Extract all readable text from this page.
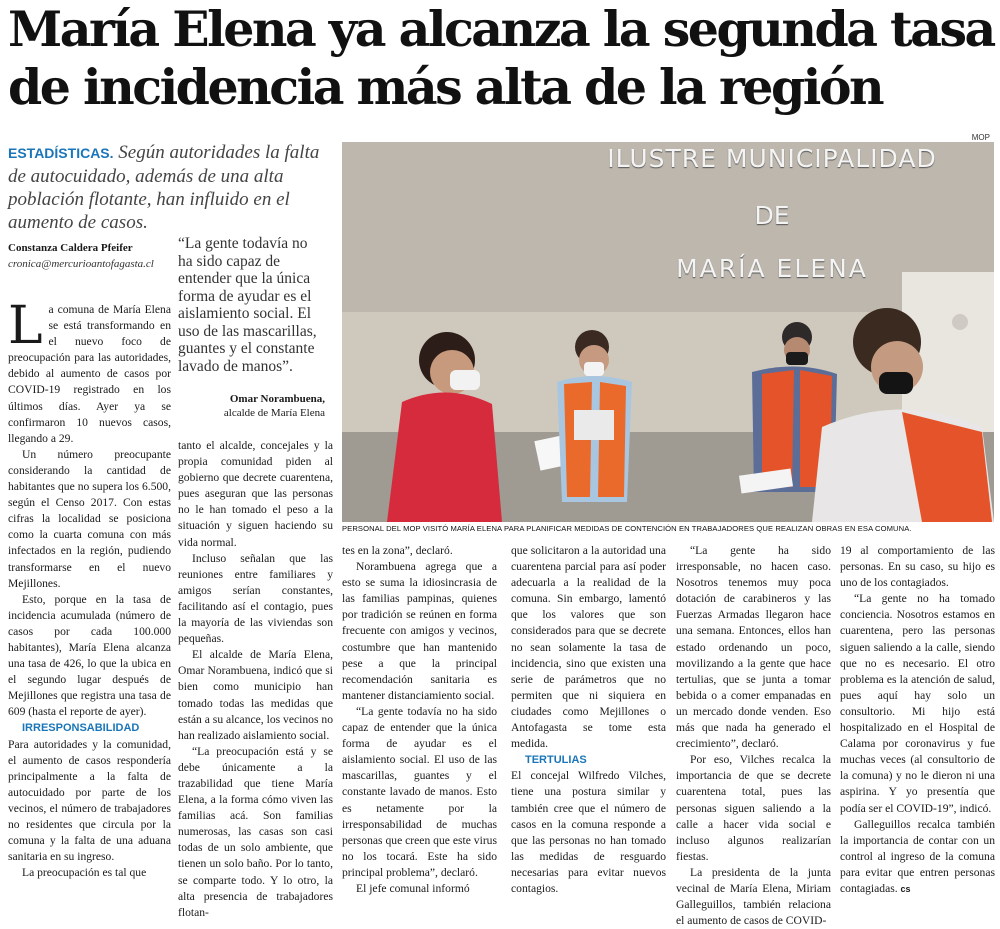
María Elena ya alcanza la segunda tasa
de incidencia más alta de la región
MOP
ESTADÍSTICAS. Según autoridades la falta de autocuidado, además de una alta población flotante, han influido en el aumento de casos.
Constanza Caldera Pfeifer
cronica@mercurioantofagasta.cl
“La gente todavía no ha sido capaz de entender que la única forma de ayudar es el aislamiento social. El uso de las mascarillas, guantes y el constante lavado de manos”.
Omar Norambuena,
alcalde de María Elena
ILUSTRE MUNICIPALIDAD
DE
MARÍA ELENA
PERSONAL DEL MOP VISITÓ MARÍA ELENA PARA PLANIFICAR MEDIDAS DE CONTENCIÓN EN TRABAJADORES QUE REALIZAN OBRAS EN ESA COMUNA.

La comuna de María Elena se está transformando en el nuevo foco de preocupación para las autoridades, debido al aumento de casos por COVID-19 registrado en los últimos días. Ayer ya se confirmaron 10 nuevos casos, llegando a 29.

Un número preocupante considerando la cantidad de habitantes que no supera los 6.500, según el Censo 2017. Con estas cifras la localidad se posiciona como la cuarta comuna con más infectados en la región, pudiendo transformarse en el nuevo Mejillones.

Esto, porque en la tasa de incidencia acumulada (número de casos por cada 100.000 habitantes), María Elena alcanza una tasa de 426, lo que la ubica en el segundo lugar después de Mejillones que registra una tasa de 609 (hasta el reporte de ayer).

IRRESPONSABILIDAD

Para autoridades y la comunidad, el aumento de casos respondería principalmente a la falta de autocuidado por parte de los vecinos, el número de trabajadores no residentes que circula por la comuna y la falta de una aduana sanitaria en su ingreso.

La preocupación es tal que

tanto el alcalde, concejales y la propia comunidad piden al gobierno que decrete cuarentena, pues aseguran que las personas no le han tomado el peso a la situación y siguen haciendo su vida normal.

Incluso señalan que las reuniones entre familiares y amigos serían constantes, facilitando así el contagio, pues la mayoría de las viviendas son pequeñas.

El alcalde de María Elena, Omar Norambuena, indicó que si bien como municipio han tomado todas las medidas que están a su alcance, los vecinos no han realizado aislamiento social.

“La preocupación está y se debe únicamente a la trazabilidad que tiene María Elena, a la forma cómo viven las familias acá. Son familias numerosas, las casas son casi todas de un solo ambiente, que tienen un solo baño. Por lo tanto, se comparte todo. Y lo otro, la alta presencia de trabajadores flotan-

tes en la zona”, declaró.

Norambuena agrega que a esto se suma la idiosincrasia de las familias pampinas, quienes por tradición se reúnen en forma frecuente con amigos y vecinos, costumbre que han mantenido pese a que la principal recomendación sanitaria es mantener distanciamiento social.

“La gente todavía no ha sido capaz de entender que la única forma de ayudar es el aislamiento social. El uso de las mascarillas, guantes y el constante lavado de manos. Esto es netamente por la irresponsabilidad de muchas personas que creen que este virus no los tocará. Este ha sido principal problema”, declaró.

El jefe comunal informó

que solicitaron a la autoridad una cuarentena parcial para así poder adecuarla a la realidad de la comuna. Sin embargo, lamentó que los valores que son considerados para que se decrete no sean solamente la tasa de incidencia, sino que existen una serie de parámetros que no permiten que ni siquiera en ciudades como Mejillones o Antofagasta se tome esta medida.

TERTULIAS

El concejal Wilfredo Vilches, tiene una postura similar y también cree que el número de casos en la comuna responde a que las personas no han tomado las medidas de resguardo necesarias para evitar nuevos contagios.

“La gente ha sido irresponsable, no hacen caso. Nosotros tenemos muy poca dotación de carabineros y las Fuerzas Armadas llegaron hace una semana. Entonces, ellos han estado ordenando un poco, movilizando a la gente que hace tertulias, que se junta a tomar bebida o a comer empanadas en un mercado donde venden. Eso más que nada ha generado el crecimiento”, declaró.

Por eso, Vilches recalca la importancia de que se decrete cuarentena total, pues las personas siguen saliendo a la calle a hacer vida social e incluso algunos realizarían fiestas.

La presidenta de la junta vecinal de María Elena, Miriam Galleguillos, también relaciona el aumento de casos de COVID-

19 al comportamiento de las personas. En su caso, su hijo es uno de los contagiados.

“La gente no ha tomado conciencia. Nosotros estamos en cuarentena, pero las personas siguen saliendo a la calle, siendo que no es necesario. El otro problema es la atención de salud, pues aquí hay solo un consultorio. Mi hijo está hospitalizado en el Hospital de Calama por coronavirus y fue muchas veces (al consultorio de la comuna) y no le dieron ni una aspirina. Y yo presentía que podía ser el COVID-19”, indicó.

Galleguillos recalca también la importancia de contar con un control al ingreso de la comuna para evitar que entren personas contagiadas. cs
